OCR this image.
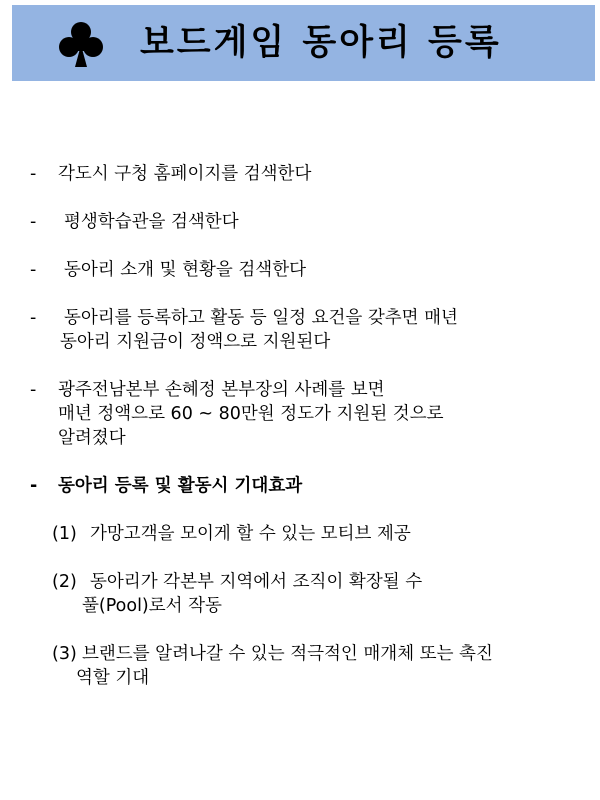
보드게임 동아리 등록
- 각도시 구청 홈페이지를 검색한다
- 평생학습관을 검색한다
- 동아리 소개 및 현황을 검색한다
- 동아리를 등록하고 활동 등 일정 요건을 갖추면 매년
동아리 지원금이 정액으로 지원된다
- 광주전남본부 손혜정 본부장의 사례를 보면
매년 정액으로 60 ~ 80만원 정도가 지원된 것으로
알려졌다
- 동아리 등록 및 활동시 기대효과
(1) 가망고객을 모이게 할 수 있는 모티브 제공
(2) 동아리가 각본부 지역에서 조직이 확장될 수
풀(Pool)로서 작동
(3) 브랜드를 알려나갈 수 있는 적극적인 매개체 또는 촉진
역할 기대
